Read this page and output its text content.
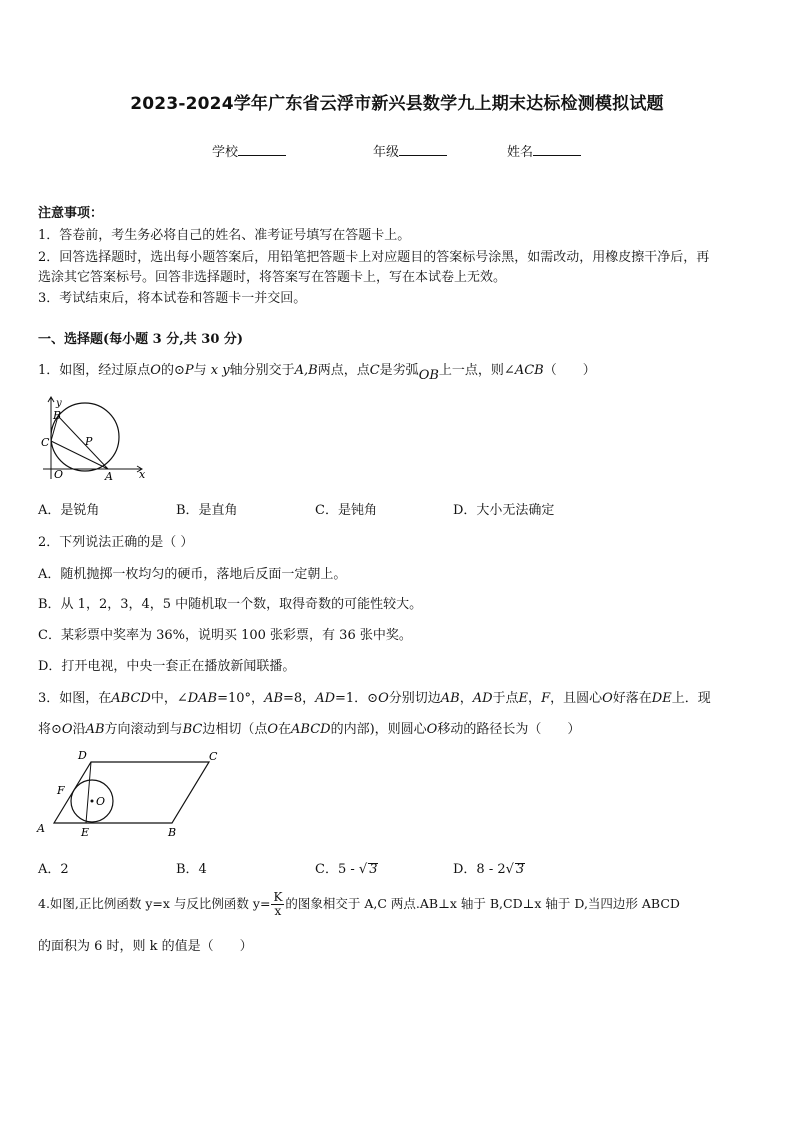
2023-2024学年广东省云浮市新兴县数学九上期末达标检测模拟试题
学校	年级	姓名
注意事项：
1．答卷前，考生务必将自己的姓名、准考证号填写在答题卡上。
2．回答选择题时，选出每小题答案后，用铅笔把答题卡上对应题目的答案标号涂黑，如需改动，用橡皮擦干净后，再
选涂其它答案标号。回答非选择题时，将答案写在答题卡上，写在本试卷上无效。
3．考试结束后，将本试卷和答题卡一并交回。
一、选择题(每小题 3 分,共 30 分)
1．如图，经过原点O的⊙P与 x y轴分别交于A,B两点，点C是劣弧OB上一点，则∠ACB（　　）
y
B
C	P
O	A x
A．是锐角	B．是直角	C．是钝角	D．大小无法确定
2．下列说法正确的是（ ）
A．随机抛掷一枚均匀的硬币，落地后反面一定朝上。
B．从 1，2，3，4，5 中随机取一个数，取得奇数的可能性较大。
C．某彩票中奖率为 36%，说明买 100 张彩票，有 36 张中奖。
D．打开电视，中央一套正在播放新闻联播。
3．如图，在ABCD中，∠DAB=10°，AB=8，AD=1．⊙O分别切边AB，AD于点E，F，且圆心O好落在DE上．现
将⊙O沿AB方向滚动到与BC边相切（点O在ABCD的内部)，则圆心O移动的路径长为（　　）
D	C
F
O
A	E	B
A．2	B．4	C．5 - √ 3	D．8 - 2√ 3
4.如图,正比例函数 y=x 与反比例函数 $y= \frac{K}{x}$ 的图象相交于 A,C 两点.AB⊥x 轴于 B,CD⊥x 轴于 D,当四边形 ABCD
的面积为 6 时，则 k 的值是（　　）
